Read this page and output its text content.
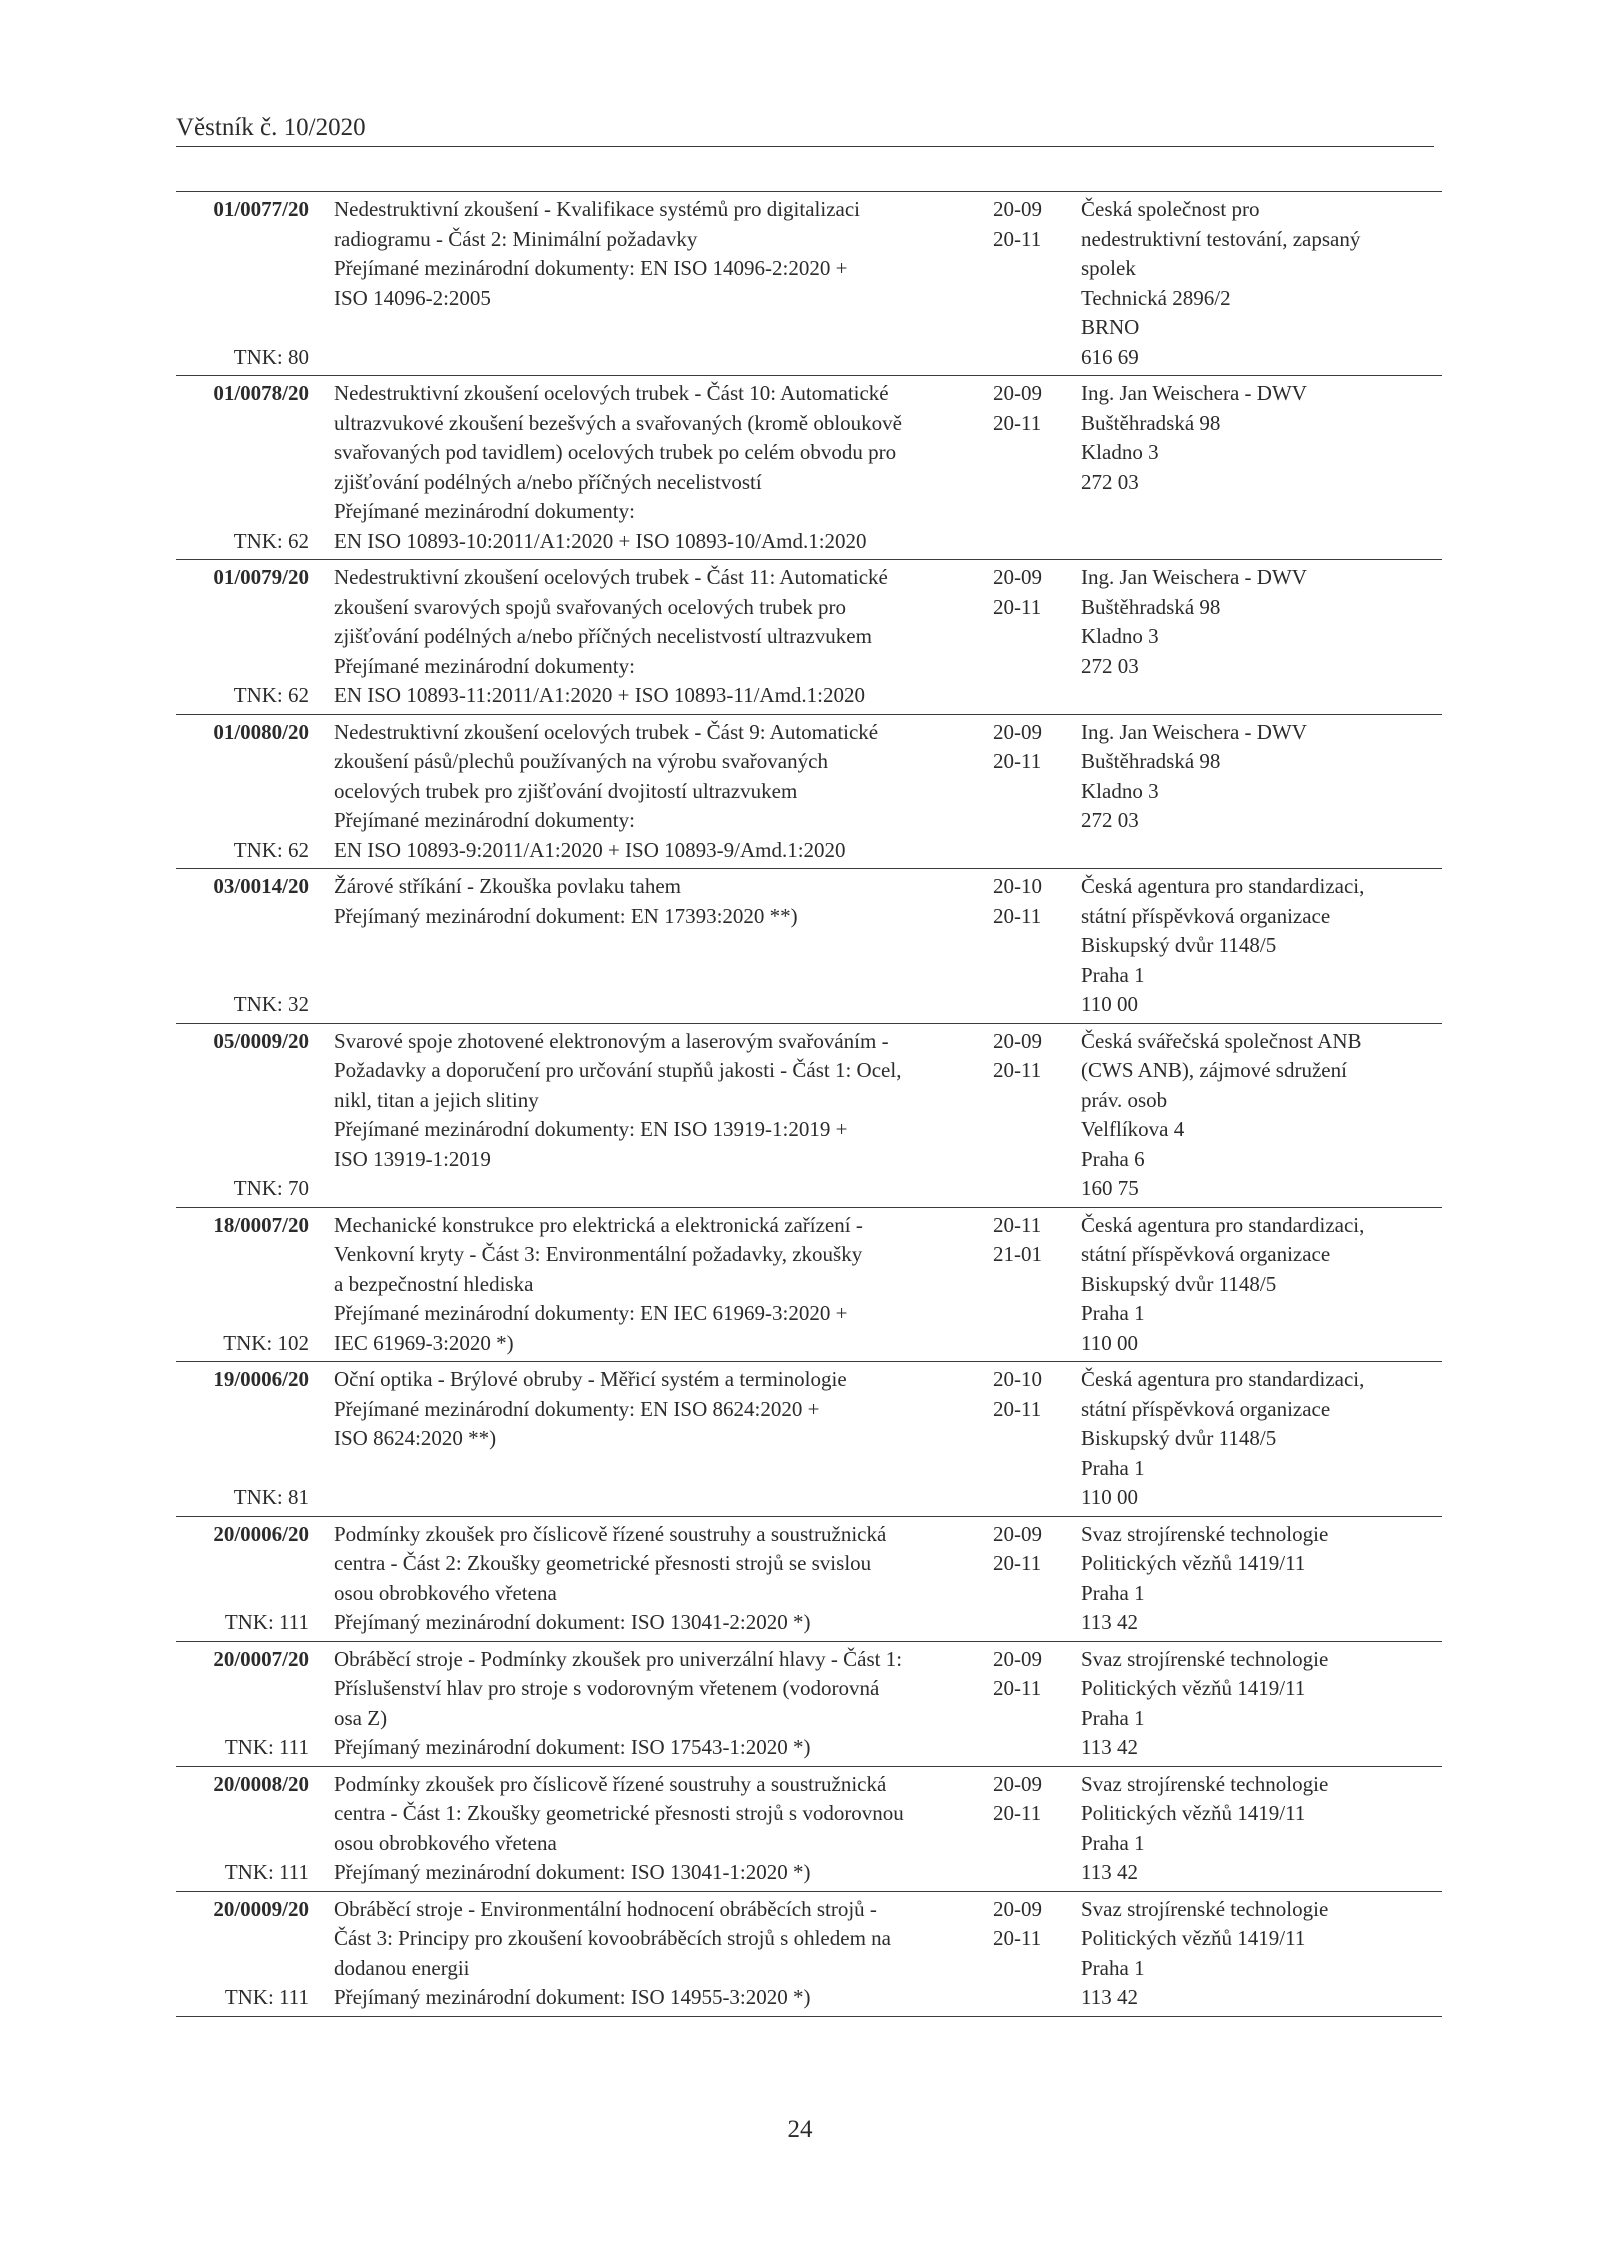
Věstník č. 10/2020
01/0077/20
TNK: 80
Nedestruktivní zkoušení - Kvalifikace systémů pro digitalizaci
radiogramu - Část 2: Minimální požadavky
Přejímané mezinárodní dokumenty: EN ISO 14096-2:2020 +
ISO 14096-2:2005
20-09
20-11
Česká společnost pro
nedestruktivní testování, zapsaný
spolek
Technická 2896/2
BRNO
616 69
01/0078/20
TNK: 62
Nedestruktivní zkoušení ocelových trubek - Část 10: Automatické
ultrazvukové zkoušení bezešvých a svařovaných (kromě obloukově
svařovaných pod tavidlem) ocelových trubek po celém obvodu pro
zjišťování podélných a/nebo příčných necelistvostí
Přejímané mezinárodní dokumenty:
EN ISO 10893-10:2011/A1:2020 + ISO 10893-10/Amd.1:2020
20-09
20-11
Ing. Jan Weischera - DWV
Buštěhradská 98
Kladno 3
272 03
01/0079/20
TNK: 62
Nedestruktivní zkoušení ocelových trubek - Část 11: Automatické
zkoušení svarových spojů svařovaných ocelových trubek pro
zjišťování podélných a/nebo příčných necelistvostí ultrazvukem
Přejímané mezinárodní dokumenty:
EN ISO 10893-11:2011/A1:2020 + ISO 10893-11/Amd.1:2020
20-09
20-11
Ing. Jan Weischera - DWV
Buštěhradská 98
Kladno 3
272 03
01/0080/20
TNK: 62
Nedestruktivní zkoušení ocelových trubek - Část 9: Automatické
zkoušení pásů/plechů používaných na výrobu svařovaných
ocelových trubek pro zjišťování dvojitostí ultrazvukem
Přejímané mezinárodní dokumenty:
EN ISO 10893-9:2011/A1:2020 + ISO 10893-9/Amd.1:2020
20-09
20-11
Ing. Jan Weischera - DWV
Buštěhradská 98
Kladno 3
272 03
03/0014/20
TNK: 32
Žárové stříkání - Zkouška povlaku tahem
Přejímaný mezinárodní dokument: EN 17393:2020 **)
20-10
20-11
Česká agentura pro standardizaci,
státní příspěvková organizace
Biskupský dvůr 1148/5
Praha 1
110 00
05/0009/20
TNK: 70
Svarové spoje zhotovené elektronovým a laserovým svařováním -
Požadavky a doporučení pro určování stupňů jakosti - Část 1: Ocel,
nikl, titan a jejich slitiny
Přejímané mezinárodní dokumenty: EN ISO 13919-1:2019 +
ISO 13919-1:2019
20-09
20-11
Česká svářečská společnost ANB
(CWS ANB), zájmové sdružení
práv. osob
Velflíkova 4
Praha 6
160 75
18/0007/20
TNK: 102
Mechanické konstrukce pro elektrická a elektronická zařízení -
Venkovní kryty - Část 3: Environmentální požadavky, zkoušky
a bezpečnostní hlediska
Přejímané mezinárodní dokumenty: EN IEC 61969-3:2020 +
IEC 61969-3:2020 *)
20-11
21-01
Česká agentura pro standardizaci,
státní příspěvková organizace
Biskupský dvůr 1148/5
Praha 1
110 00
19/0006/20
TNK: 81
Oční optika - Brýlové obruby - Měřicí systém a terminologie
Přejímané mezinárodní dokumenty: EN ISO 8624:2020 +
ISO 8624:2020 **)
20-10
20-11
Česká agentura pro standardizaci,
státní příspěvková organizace
Biskupský dvůr 1148/5
Praha 1
110 00
20/0006/20
TNK: 111
Podmínky zkoušek pro číslicově řízené soustruhy a soustružnická
centra - Část 2: Zkoušky geometrické přesnosti strojů se svislou
osou obrobkového vřetena
Přejímaný mezinárodní dokument: ISO 13041-2:2020 *)
20-09
20-11
Svaz strojírenské technologie
Politických vězňů 1419/11
Praha 1
113 42
20/0007/20
TNK: 111
Obráběcí stroje - Podmínky zkoušek pro univerzální hlavy - Část 1:
Příslušenství hlav pro stroje s vodorovným vřetenem (vodorovná
osa Z)
Přejímaný mezinárodní dokument: ISO 17543-1:2020 *)
20-09
20-11
Svaz strojírenské technologie
Politických vězňů 1419/11
Praha 1
113 42
20/0008/20
TNK: 111
Podmínky zkoušek pro číslicově řízené soustruhy a soustružnická
centra - Část 1: Zkoušky geometrické přesnosti strojů s vodorovnou
osou obrobkového vřetena
Přejímaný mezinárodní dokument: ISO 13041-1:2020 *)
20-09
20-11
Svaz strojírenské technologie
Politických vězňů 1419/11
Praha 1
113 42
20/0009/20
TNK: 111
Obráběcí stroje - Environmentální hodnocení obráběcích strojů -
Část 3: Principy pro zkoušení kovoobráběcích strojů s ohledem na
dodanou energii
Přejímaný mezinárodní dokument: ISO 14955-3:2020 *)
20-09
20-11
Svaz strojírenské technologie
Politických vězňů 1419/11
Praha 1
113 42
24
